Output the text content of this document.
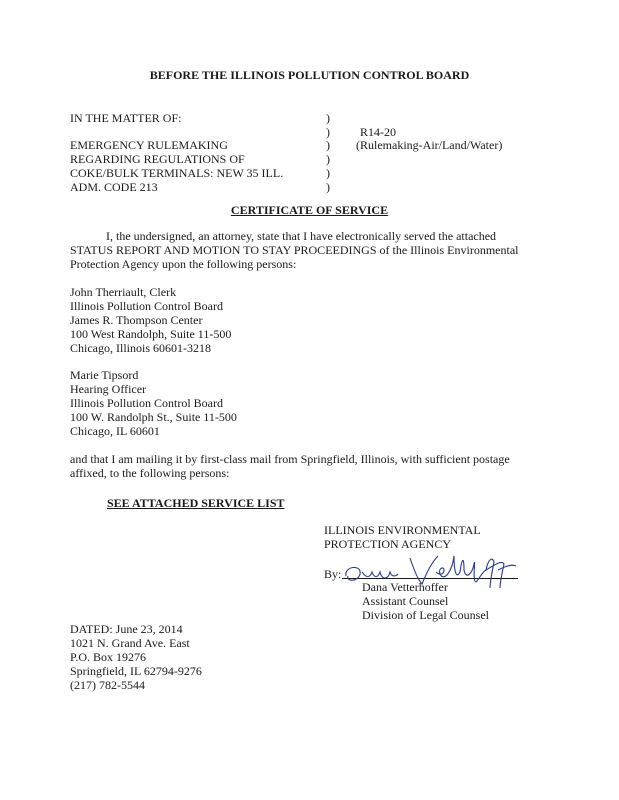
BEFORE THE ILLINOIS POLLUTION CONTROL BOARD
IN THE MATTER OF:
EMERGENCY RULEMAKING
REGARDING REGULATIONS OF
COKE/BULK TERMINALS: NEW 35 ILL.
ADM. CODE 213
)
)
)
)
)
)
R14-20
(Rulemaking-Air/Land/Water)
CERTIFICATE OF SERVICE
I, the undersigned, an attorney, state that I have electronically served the attached
STATUS REPORT AND MOTION TO STAY PROCEEDINGS of the Illinois Environmental
Protection Agency upon the following persons:
John Therriault, Clerk
Illinois Pollution Control Board
James R. Thompson Center
100 West Randolph, Suite 11-500
Chicago, Illinois 60601-3218
Marie Tipsord
Hearing Officer
Illinois Pollution Control Board
100 W. Randolph St., Suite 11-500
Chicago, IL 60601
and that I am mailing it by first-class mail from Springfield, Illinois, with sufficient postage
affixed, to the following persons:
SEE ATTACHED SERVICE LIST
ILLINOIS ENVIRONMENTAL
PROTECTION AGENCY
By:
Dana Vetterhoffer
Assistant Counsel
Division of Legal Counsel
DATED: June 23, 2014
1021 N. Grand Ave. East
P.O. Box 19276
Springfield, IL 62794-9276
(217) 782-5544
